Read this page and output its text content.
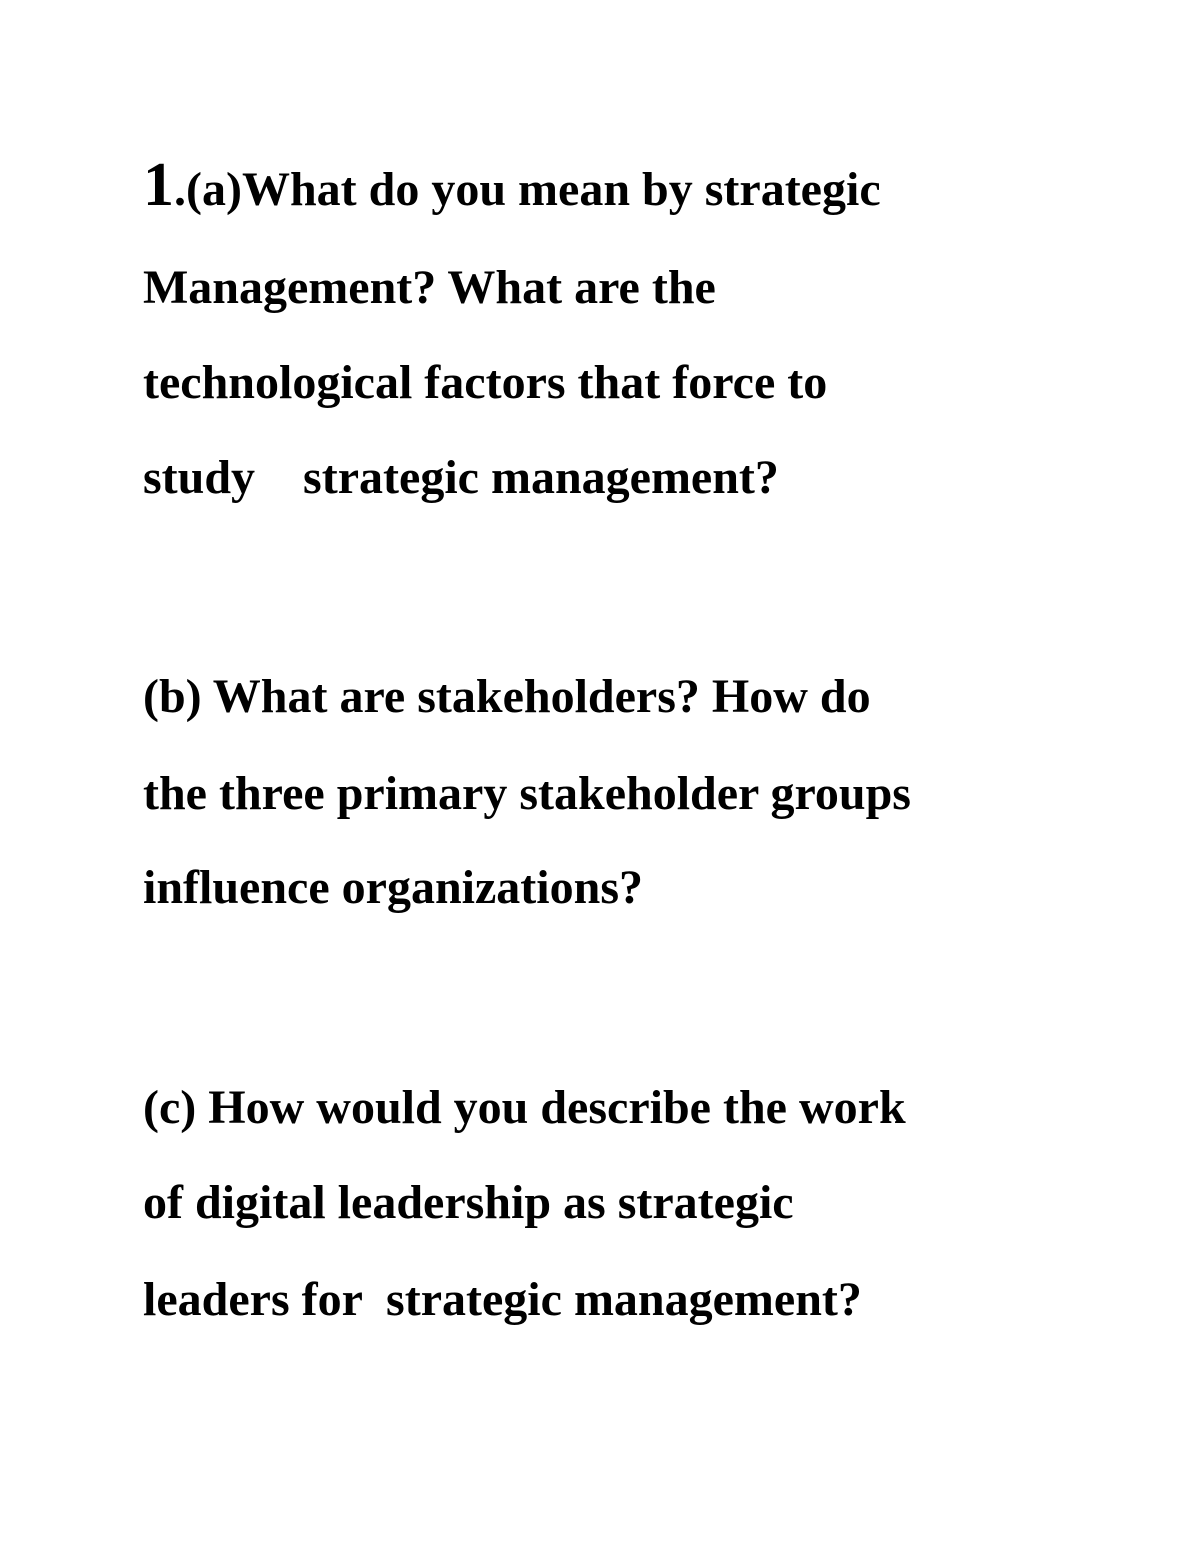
1.(a)What do you mean by strategic

Management? What are the

technological factors that force to

study    strategic management?

(b) What are stakeholders? How do

the three primary stakeholder groups

influence organizations?

(c) How would you describe the work

of digital leadership as strategic

leaders for  strategic management?
